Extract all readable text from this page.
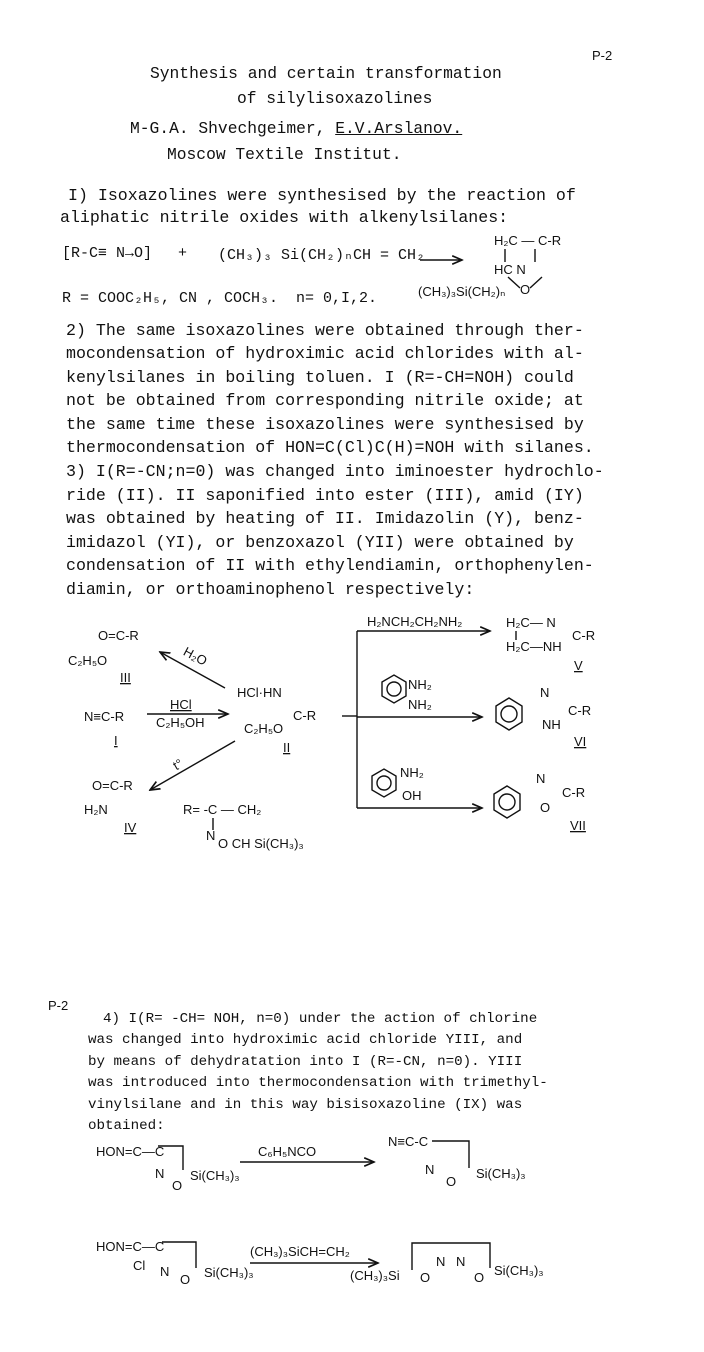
P-2
Synthesis and certain transformation
of silylisoxazolines
M-G.A. Shvechgeimer, E.V.Arslanov.
Moscow Textile Institut.
I) Isoxazolines were synthesised by the reaction of
aliphatic nitrile oxides with alkenylsilanes:
[R-C≡ N→O] + (CH₃)₃ Si(CH₂)ₙCH = CH₂
R = COOC₂H₅, CN , COCH₃.  n= 0,I,2.
2) The same isoxazolines were obtained through ther-
mocondensation of hydroximic acid chlorides with al-
kenylsilanes in boiling toluen. I (R=-CH=NOH) could
not be obtained from corresponding nitrile oxide; at
the same time these isoxazolines were synthesised by
thermocondensation of HON=C(Cl)C(H)=NOH with silanes.
3) I(R=-CN;n=0) was changed into iminoester hydrochlo-
ride (II). II saponified into ester (III), amid (IY)
was obtained by heating of II. Imidazolin (Y), benz-
imidazol (YI), or benzoxazol (YII) were obtained by
condensation of II with ethylendiamin, orthophenylen-
diamin, or orthoaminophenol respectively:
P-2
4) I(R= -CH= NOH, n=0) under the action of chlorine
was changed into hydroximic acid chloride YIII, and
by means of dehydratation into I (R=-CN, n=0). YIII
was introduced into thermocondensation with trimethyl-
vinylsilane and in this way bisisoxazoline (IX) was
obtained:
H₂C — C-R
HC N
O
(CH₃)₃Si(CH₂)ₙ
O=C-R
C₂H₅O
III
H₂O
N≡C-R
I
HCl
C₂H₅OH
HCl·HN
C-R
C₂H₅O
II
t°
O=C-R
H₂N
IV
R= -C — CH₂
N
O CH Si(CH₃)₃
H₂NCH₂CH₂NH₂
NH₂
NH₂
NH₂
OH
H₂C— N
H₂C—NH
C-R
V
N
NH
C-R
VI
N
O
C-R
VII
HON=C—C
N
O
Si(CH₃)₃
C₆H₅NCO
N≡C-C
N
O
Si(CH₃)₃
HON=C—C
Cl N
O Si(CH₃)₃
(CH₃)₃SiCH=CH₂
(CH₃)₃Si O
N N
O Si(CH₃)₃
